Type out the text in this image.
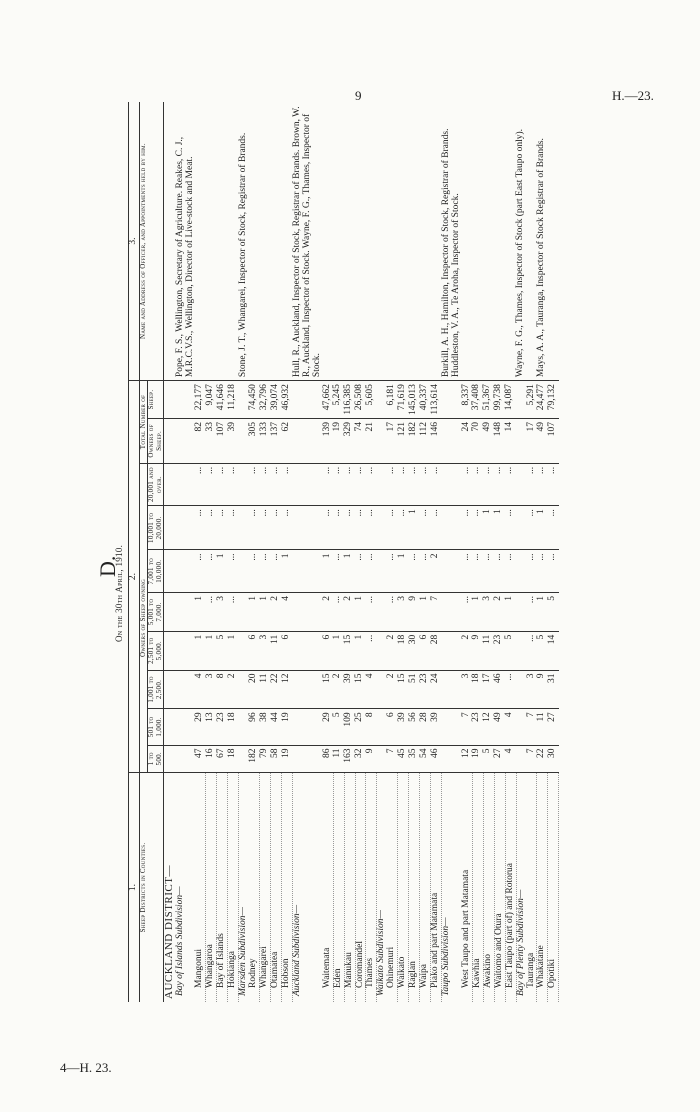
9	H.—23.
4—H. 23.
D.
On the 30th April, 1910.
1.	2.										3.
Sheep Districts in Counties.	Owners of Sheep owning								Total Number of		Name and Address of Officer, and Appointments held by him.
	1 to 500.	501 to 1,000.	1,001 to 2,500.	2,501 to 5,000.	5,001 to 7,000.	7,001 to 10,000.	10,001 to 20,000.	20,001 and over.	Owners of Sheep.	Sheep.	
AUCKLAND DISTRICT—											
Bay of Islands Subdivision—											Pope, F. S., Wellington, Secretary of Agriculture. Reakes, C. J., M.R.C.V.S., Wellington, Director of Live-stock and Meat.
Mangonui	47	29	4	1	1	...	...	...	82	22,177	
Whangaroa	16	13	3	1	...	...	...	...	33	9,047	
Bay of Islands	67	23	8	5	3	1	...	...	107	41,646	
Hokianga	18	18	2	1	...	...	...	...	39	11,218	
Marsden Subdivision—											Stone, J. T., Whangarei, Inspector of Stock, Registrar of Brands.
Rodney	182	96	20	6	1	...	...	...	305	74,450	
Whangarei	79	38	11	3	1	...	...	...	133	32,796	
Otamatea	58	44	22	11	2	...	...	...	137	39,074	
Hobson	19	19	12	6	4	1	...	...	62	46,932	
Auckland Subdivision—											Hull, R., Auckland, Inspector of Stock, Registrar of Brands. Brown, W. R., Auckland, Inspector of Stock. Wayne, F. G., Thames, Inspector of Stock.
Waitemata	86	29	15	6	2	1	...	...	139	47,662	
Eden	11	5	2	1	...	...	...	...	19	5,245	
Manukau	163	109	39	15	2	1	...	...	329	116,385	
Coromandel	32	25	15	1	1	...	...	...	74	26,508	
Thames	9	8	4	...	...	...	...	...	21	5,605	
Waikato Subdivision—											
Ohinemuri	7	6	2	2	...	...	...	...	17	6,181	
Waikato	45	39	15	18	3	1	...	...	121	71,619	
Raglan	35	56	51	30	9	...	1	...	182	145,013	
Waipa	54	28	23	6	1	...	...	...	112	40,337	
Piako and part Matamata	46	39	24	28	7	2	...	...	146	113,614	
Taupo Subdivision—											Burkill, A. H., Hamilton, Inspector of Stock, Registrar of Brands. Huddleston, V. A., Te Aroha, Inspector of Stock.
West Taupo and part Matamata	12	7	3	2	...	...	...	...	24	8,337	
Kawhia	19	23	18	9	1	...	...	...	70	37,408	
Awakino	5	12	17	11	3	...	1	...	49	51,367	
Waitomo and Otura	27	49	46	23	2	...	1	...	148	99,738	
East Taupo (part of) and Rotorua	4	4	...	5	1	...	...	...	14	14,087	
Bay of Plenty Subdivision—											Wayne, F. G., Thames, Inspector of Stock (part East Taupo only).
Tauranga	7	7	3	...	...	...	...	...	17	5,291	
Whakatane	22	11	9	5	1	...	1	...	49	24,477	Mays, A. A., Tauranga, Inspector of Stock Registrar of Brands.
Opotiki	30	27	31	14	5	...	...	...	107	79,132	
